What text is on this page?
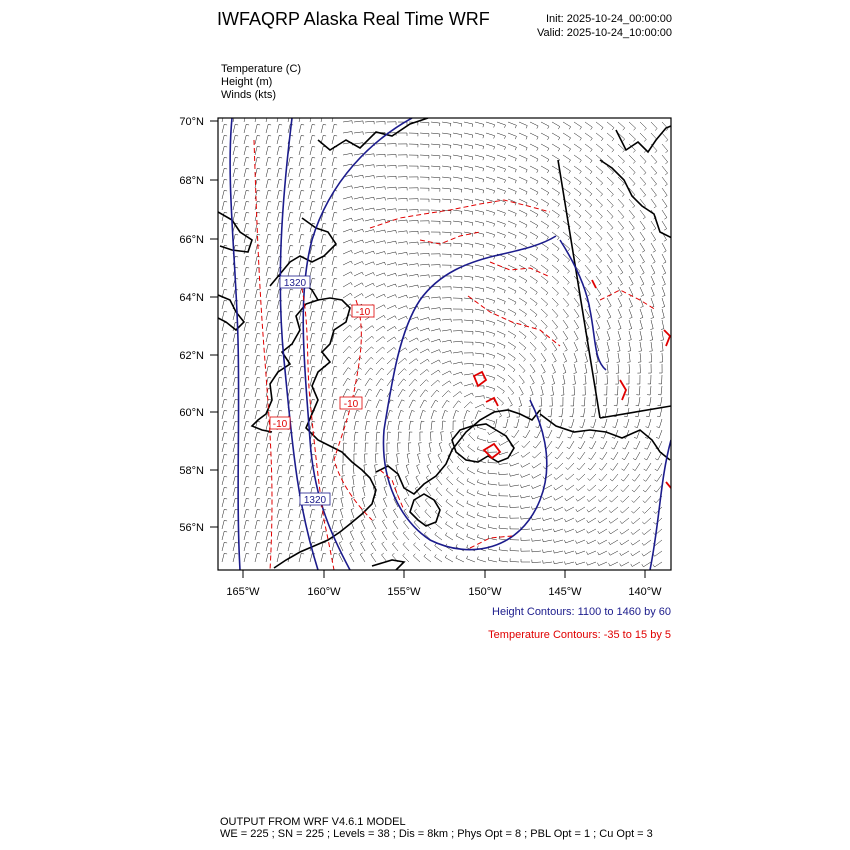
IWFAQRP Alaska Real Time WRF	Init: 2025-10-24_00:00:00
Valid: 2025-10-24_10:00:00
Temperature (C)
Height (m)
Winds (kts)
1320
1320
-10
-10
-10
70°N
68°N
66°N
64°N
62°N
60°N
58°N
56°N
165°W	160°W	155°W	150°W	145°W	140°W
Height Contours: 1100 to 1460 by 60
Temperature Contours: -35 to 15 by 5
OUTPUT FROM WRF V4.6.1 MODEL
WE = 225 ; SN = 225 ; Levels = 38 ; Dis = 8km ; Phys Opt = 8 ; PBL Opt = 1 ; Cu Opt = 3
